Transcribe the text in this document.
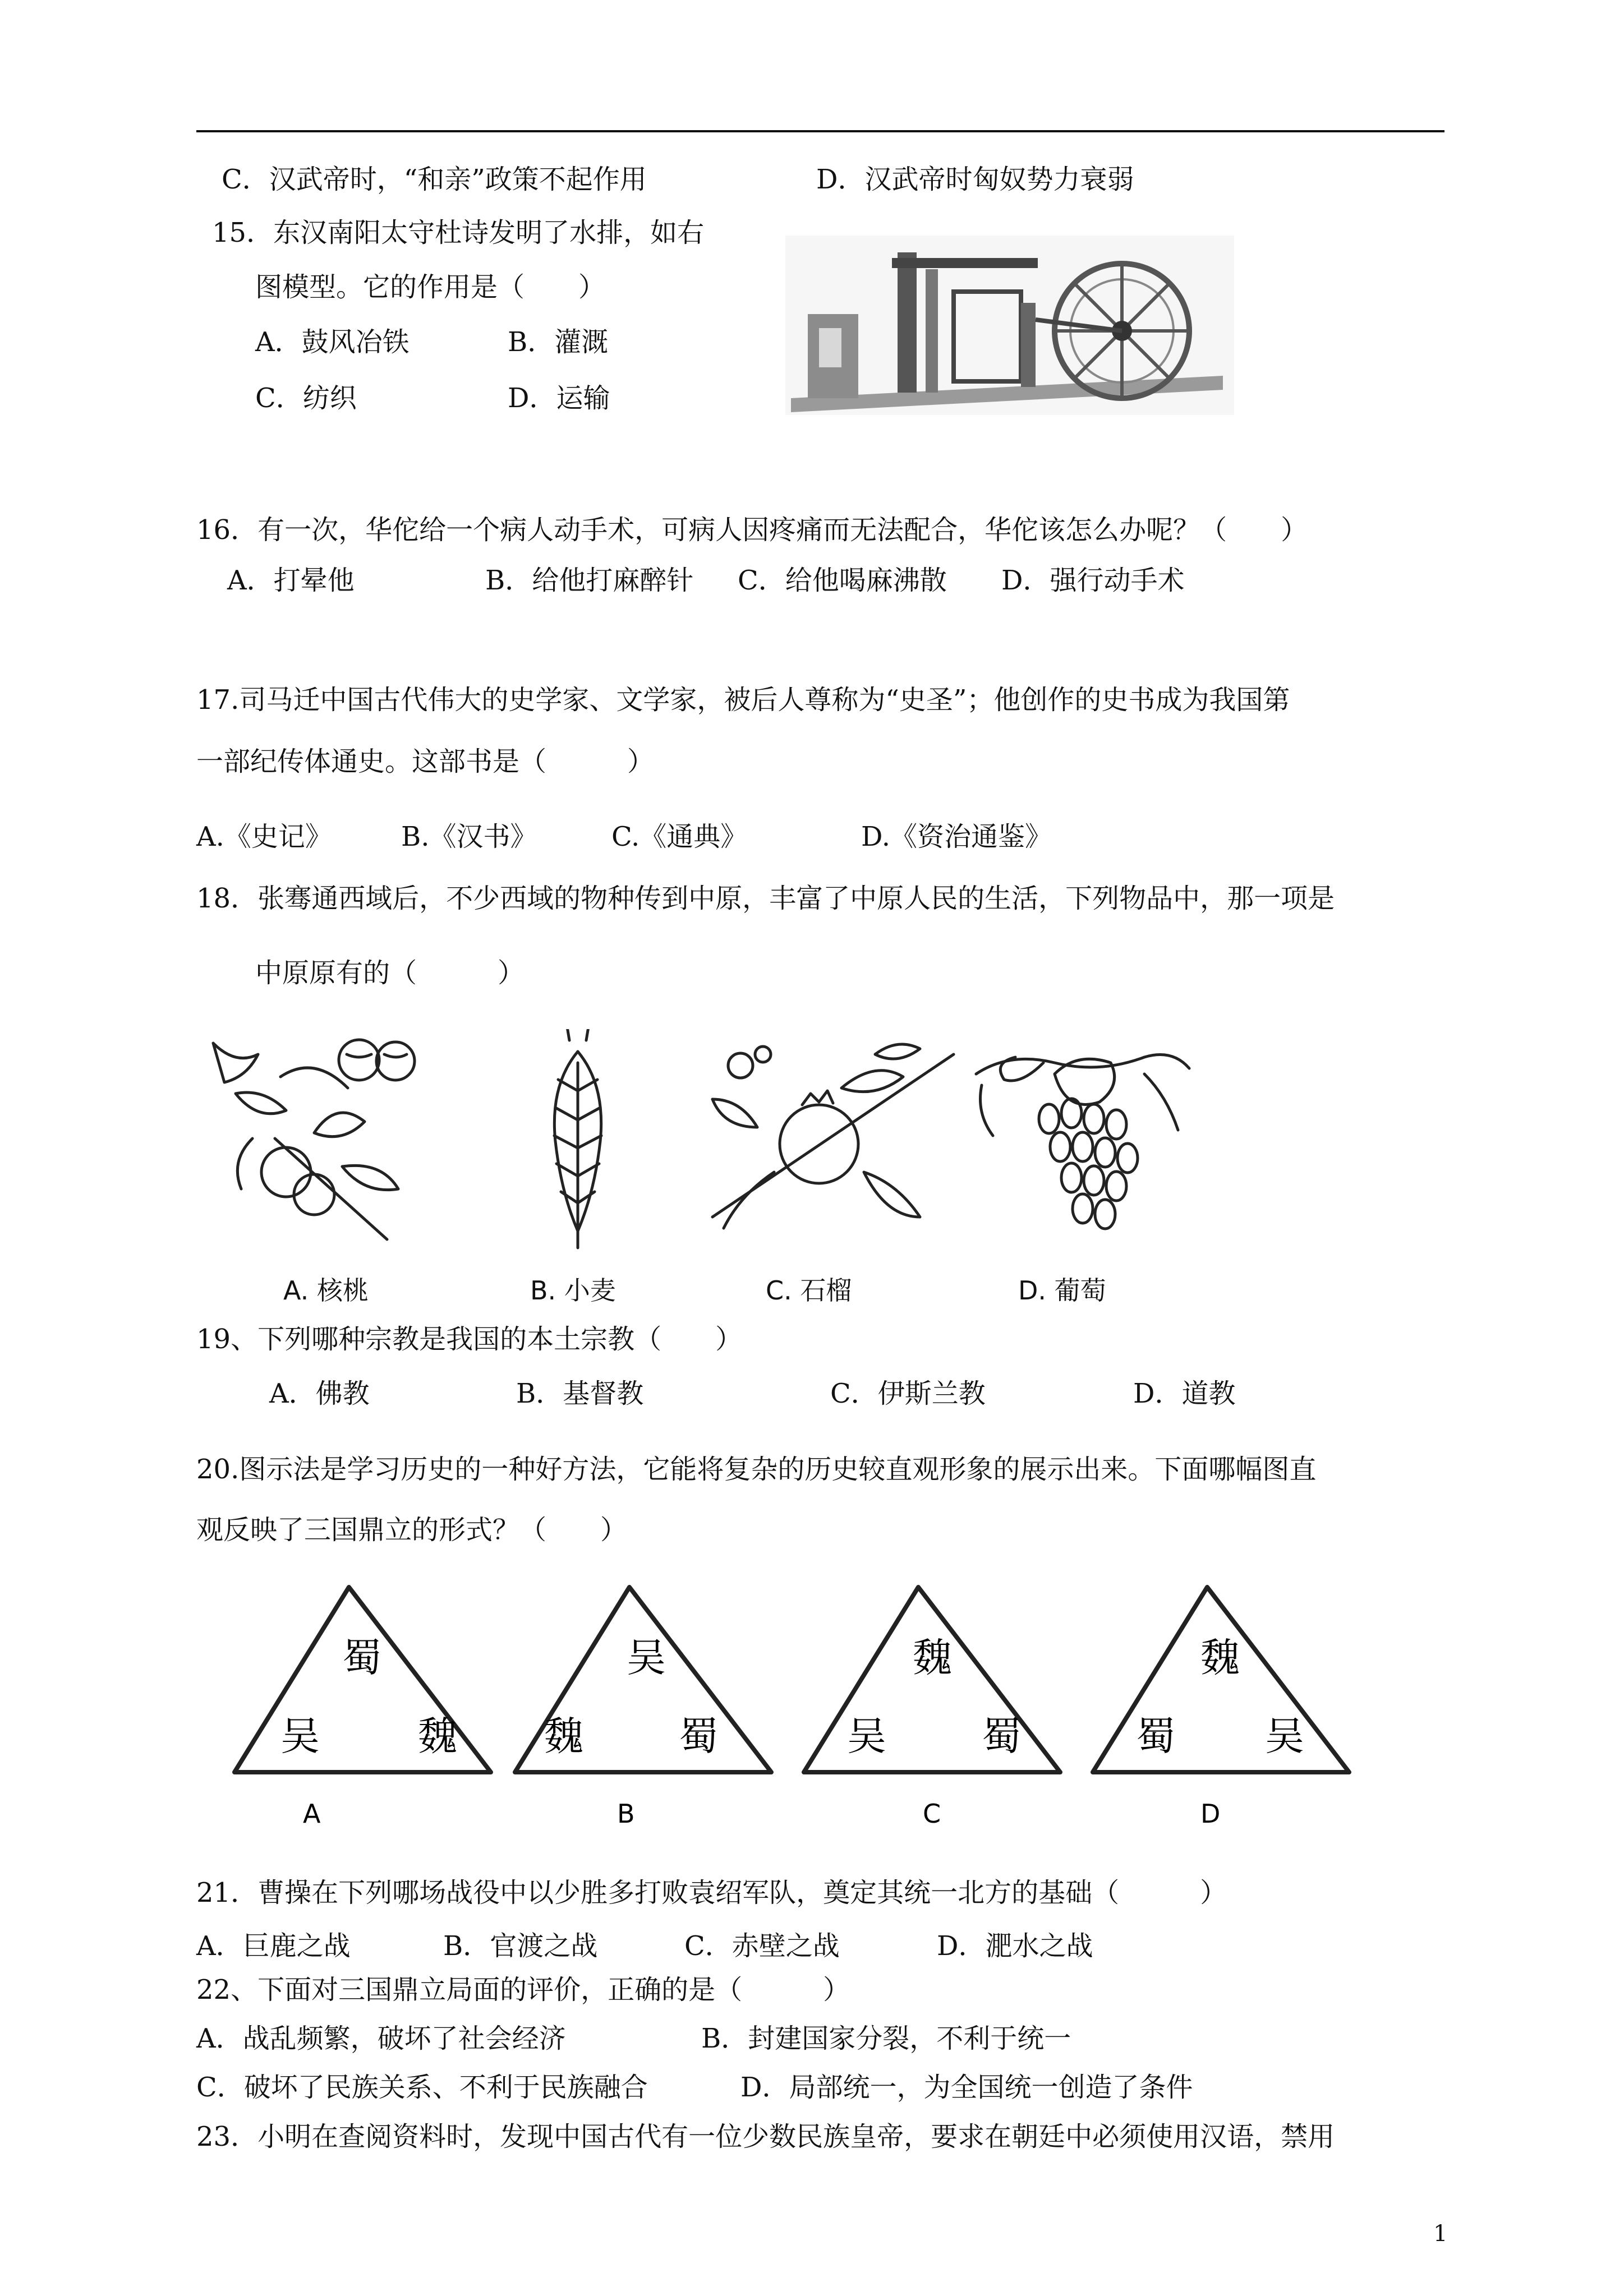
C．汉武帝时，“和亲”政策不起作用	D．汉武帝时匈奴势力衰弱
15．东汉南阳太守杜诗发明了水排，如右
图模型。它的作用是（　　）
A．鼓风冶铁	B．灌溉
C．纺织	D．运输
16．有一次，华佗给一个病人动手术，可病人因疼痛而无法配合，华佗该怎么办呢？（　　）
A．打晕他	B．给他打麻醉针 C．给他喝麻沸散 D．强行动手术
17.司马迁中国古代伟大的史学家、文学家，被后人尊称为“史圣”；他创作的史书成为我国第
一部纪传体通史。这部书是（　　　）
A.《史记》	B.《汉书》	C.《通典》	D.《资治通鉴》
18．张骞通西域后，不少西域的物种传到中原，丰富了中原人民的生活，下列物品中，那一项是
中原原有的（　　　）
A. 核桃	B. 小麦	C. 石榴	D. 葡萄
19、下列哪种宗教是我国的本土宗教（　　）
A．佛教	B．基督教	C．伊斯兰教	D．道教
20.图示法是学习历史的一种好方法，它能将复杂的历史较直观形象的展示出来。下面哪幅图直
观反映了三国鼎立的形式？（　　）
蜀
吴	魏
A
吴
魏 蜀
B
魏
吴 蜀
C
魏
蜀 吴
D
21．曹操在下列哪场战役中以少胜多打败袁绍军队，奠定其统一北方的基础（　　　）
A．巨鹿之战	B．官渡之战	C．赤壁之战	D．淝水之战
22、下面对三国鼎立局面的评价，正确的是（　　　）
A．战乱频繁，破坏了社会经济	B．封建国家分裂，不利于统一
C．破坏了民族关系、不利于民族融合	D．局部统一，为全国统一创造了条件
23．小明在查阅资料时，发现中国古代有一位少数民族皇帝，要求在朝廷中必须使用汉语，禁用
1
